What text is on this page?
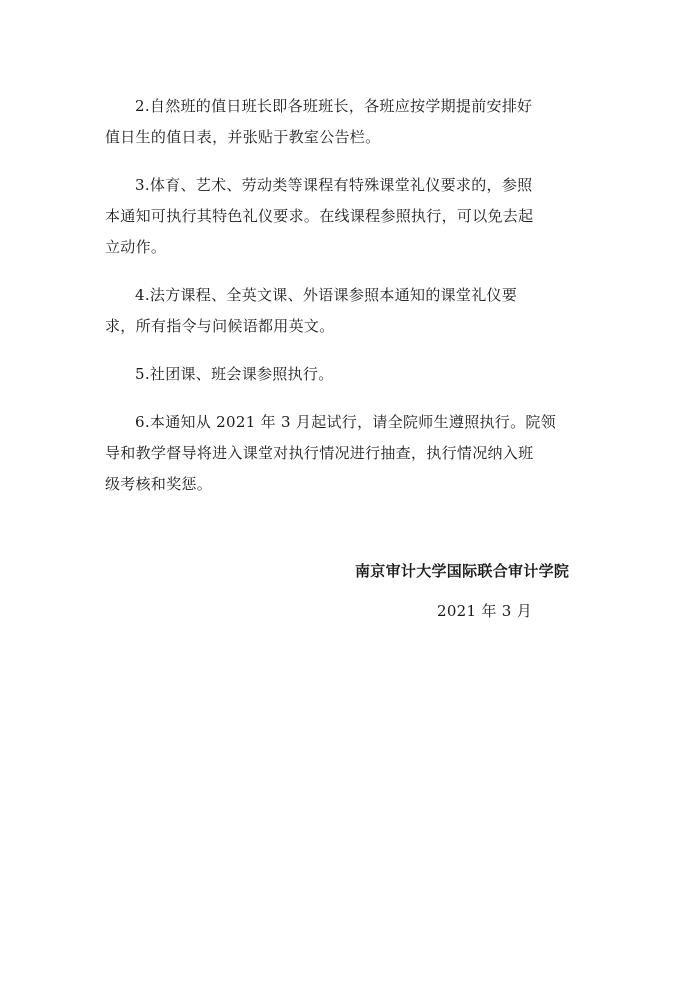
2.自然班的值日班长即各班班长，各班应按学期提前安排好
值日生的值日表，并张贴于教室公告栏。

3.体育、艺术、劳动类等课程有特殊课堂礼仪要求的，参照
本通知可执行其特色礼仪要求。在线课程参照执行，可以免去起
立动作。

4.法方课程、全英文课、外语课参照本通知的课堂礼仪要
求，所有指令与问候语都用英文。

5.社团课、班会课参照执行。

6.本通知从 2021 年 3 月起试行，请全院师生遵照执行。院领
导和教学督导将进入课堂对执行情况进行抽查，执行情况纳入班
级考核和奖惩。

南京审计大学国际联合审计学院
2021 年 3 月
